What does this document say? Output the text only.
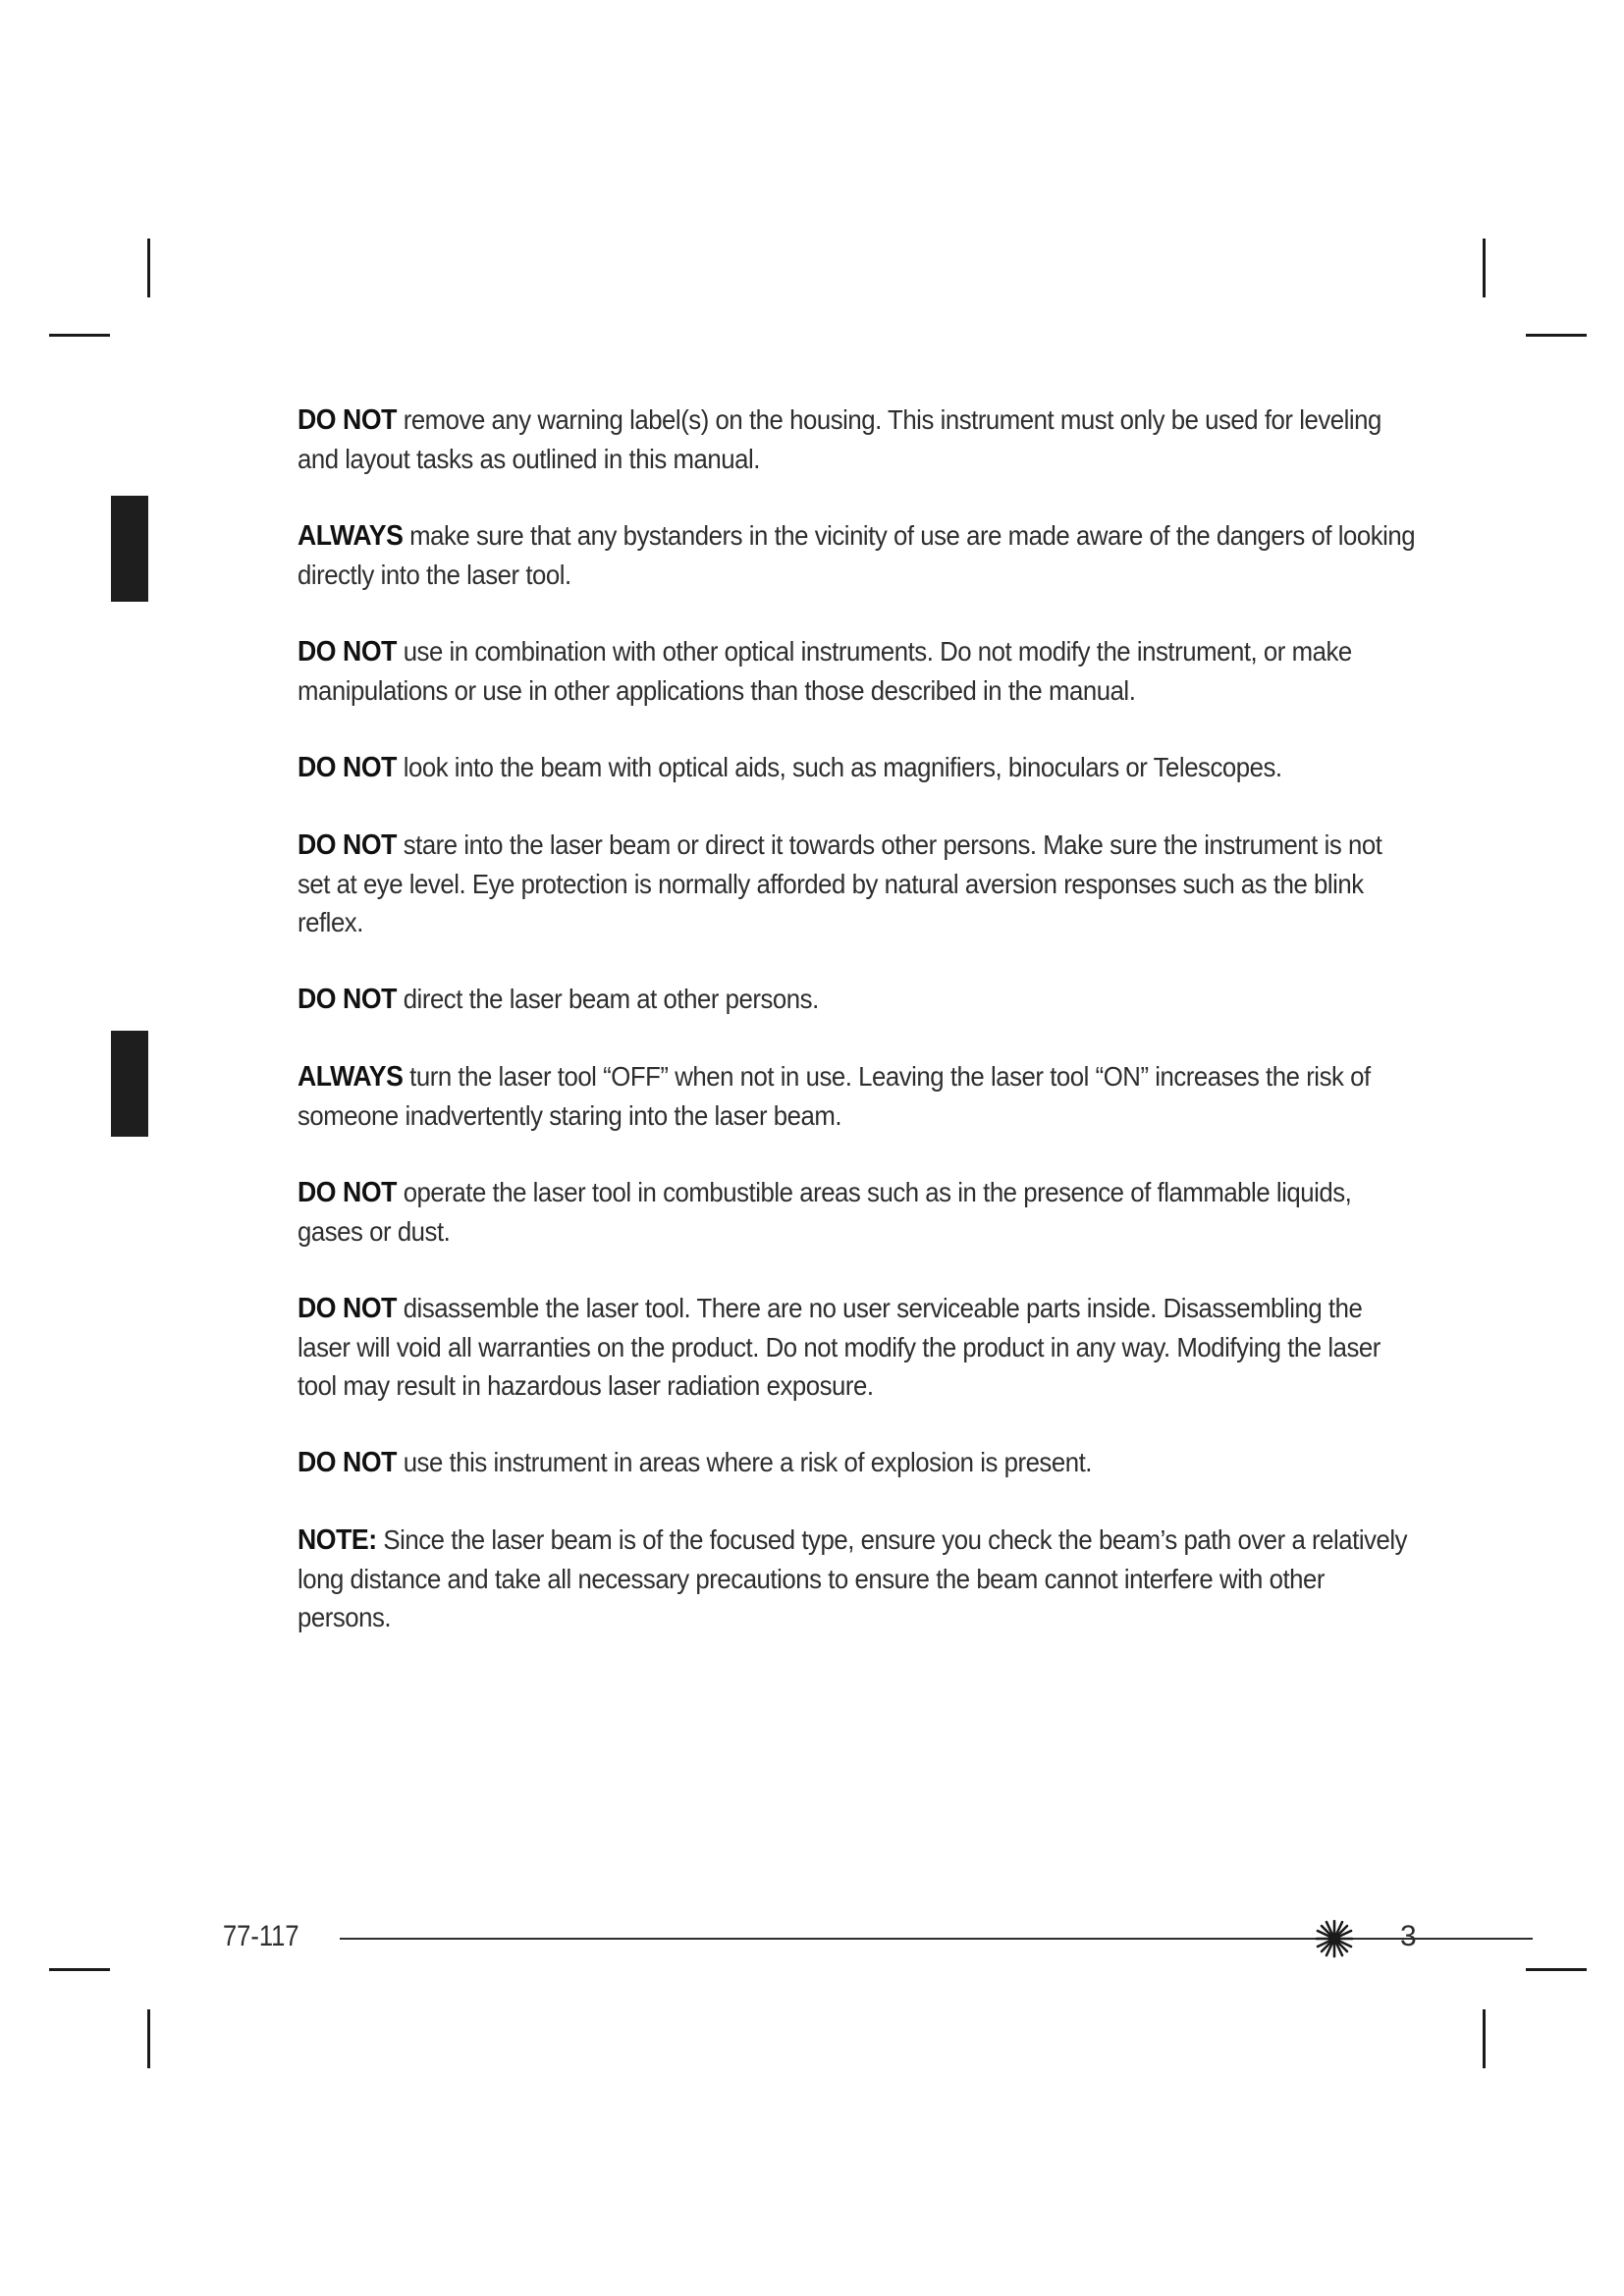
DO NOT remove any warning label(s) on the housing. This instrument must only be used for leveling and layout tasks as outlined in this manual.

ALWAYS make sure that any bystanders in the vicinity of use are made aware of the dangers of looking directly into the laser tool.

DO NOT use in combination with other optical instruments. Do not modify the instrument, or make manipulations or use in other applications than those described in the manual.

DO NOT look into the beam with optical aids, such as magnifiers, binoculars or Telescopes.

DO NOT stare into the laser beam or direct it towards other persons. Make sure the instrument is not set at eye level. Eye protection is normally afforded by natural aversion responses such as the blink reflex.

DO NOT direct the laser beam at other persons.

ALWAYS turn the laser tool “OFF” when not in use. Leaving the laser tool “ON” increases the risk of someone inadvertently staring into the laser beam.

DO NOT operate the laser tool in combustible areas such as in the presence of flammable liquids, gases or dust.

DO NOT disassemble the laser tool. There are no user serviceable parts inside. Disassembling the laser will void all warranties on the product. Do not modify the product in any way. Modifying the laser tool may result in hazardous laser radiation exposure.

DO NOT use this instrument in areas where a risk of explosion is present.

NOTE: Since the laser beam is of the focused type, ensure you check the beam’s path over a relatively long distance and take all necessary precautions to ensure the beam cannot interfere with other persons.

77-117	3
